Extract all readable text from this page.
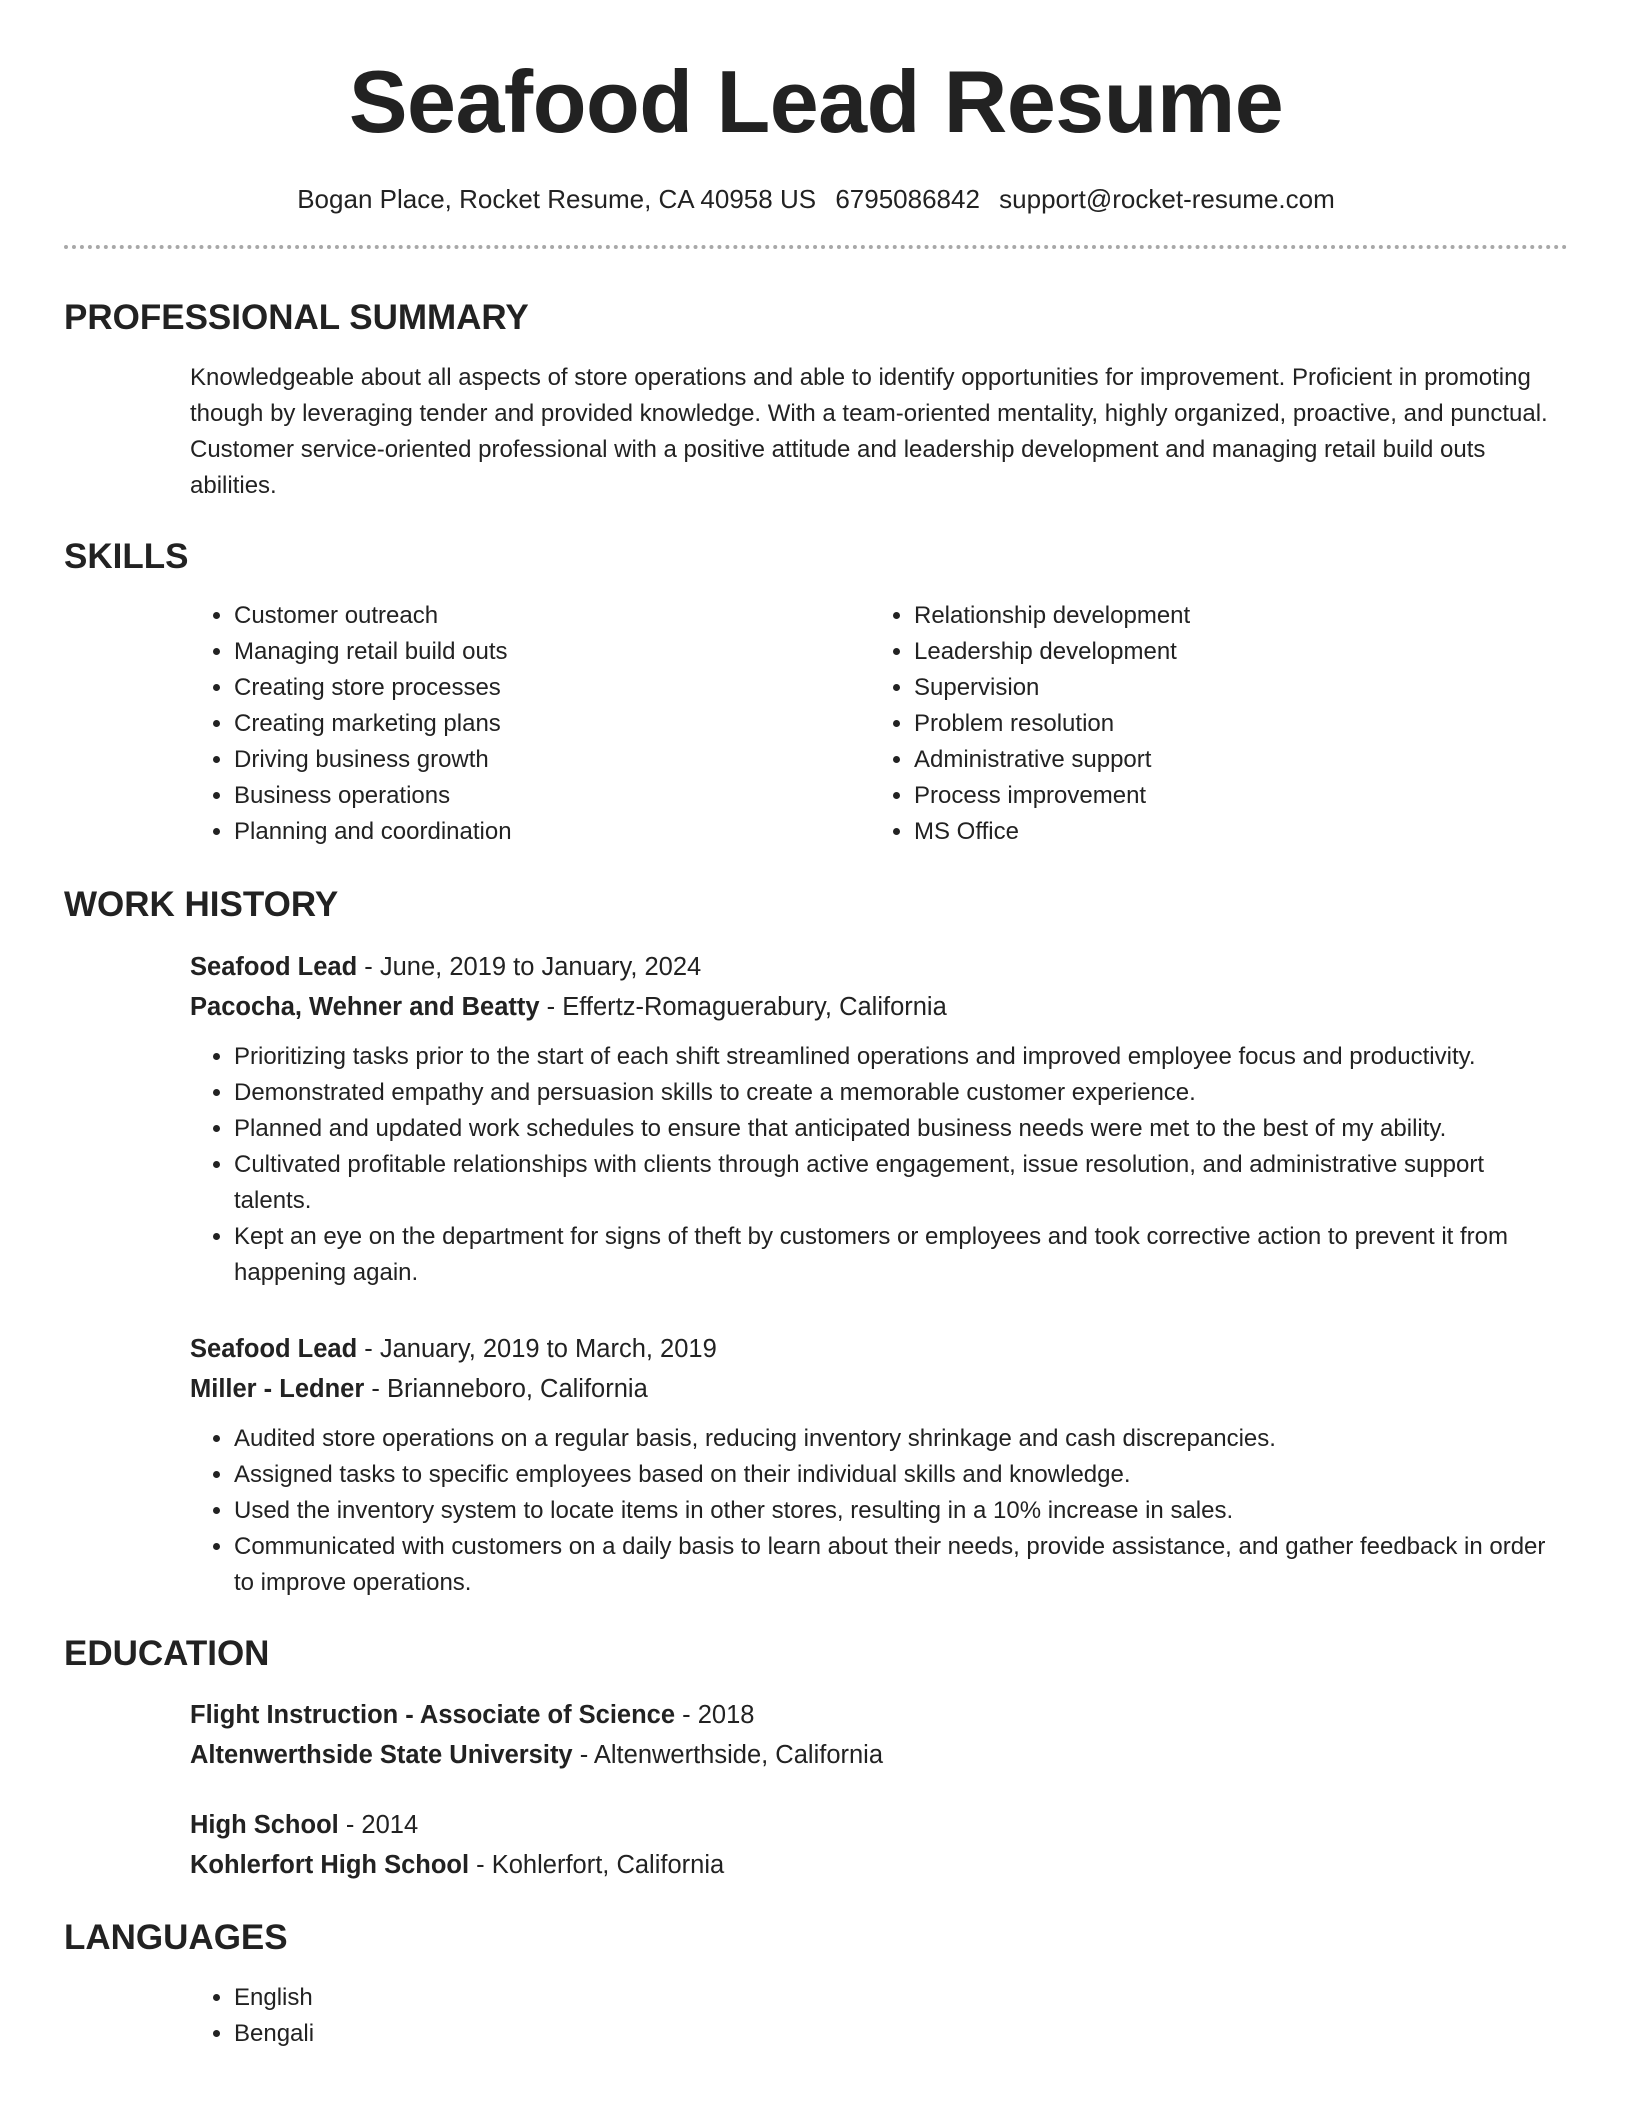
Seafood Lead Resume
Bogan Place, Rocket Resume, CA 40958 US 6795086842 support@rocket-resume.com
PROFESSIONAL SUMMARY
Knowledgeable about all aspects of store operations and able to identify opportunities for improvement. Proficient in promoting though by leveraging tender and provided knowledge. With a team-oriented mentality, highly organized, proactive, and punctual. Customer service-oriented professional with a positive attitude and leadership development and managing retail build outs abilities.
SKILLS
• Customer outreach
• Managing retail build outs
• Creating store processes
• Creating marketing plans
• Driving business growth
• Business operations
• Planning and coordination
• Relationship development
• Leadership development
• Supervision
• Problem resolution
• Administrative support
• Process improvement
• MS Office
WORK HISTORY
Seafood Lead - June, 2019 to January, 2024
Pacocha, Wehner and Beatty - Effertz-Romaguerabury, California
• Prioritizing tasks prior to the start of each shift streamlined operations and improved employee focus and productivity.
• Demonstrated empathy and persuasion skills to create a memorable customer experience.
• Planned and updated work schedules to ensure that anticipated business needs were met to the best of my ability.
• Cultivated profitable relationships with clients through active engagement, issue resolution, and administrative support talents.
• Kept an eye on the department for signs of theft by customers or employees and took corrective action to prevent it from happening again.
Seafood Lead - January, 2019 to March, 2019
Miller - Ledner - Brianneboro, California
• Audited store operations on a regular basis, reducing inventory shrinkage and cash discrepancies.
• Assigned tasks to specific employees based on their individual skills and knowledge.
• Used the inventory system to locate items in other stores, resulting in a 10% increase in sales.
• Communicated with customers on a daily basis to learn about their needs, provide assistance, and gather feedback in order to improve operations.
EDUCATION
Flight Instruction - Associate of Science - 2018
Altenwerthside State University - Altenwerthside, California
High School - 2014
Kohlerfort High School - Kohlerfort, California
LANGUAGES
• English
• Bengali
